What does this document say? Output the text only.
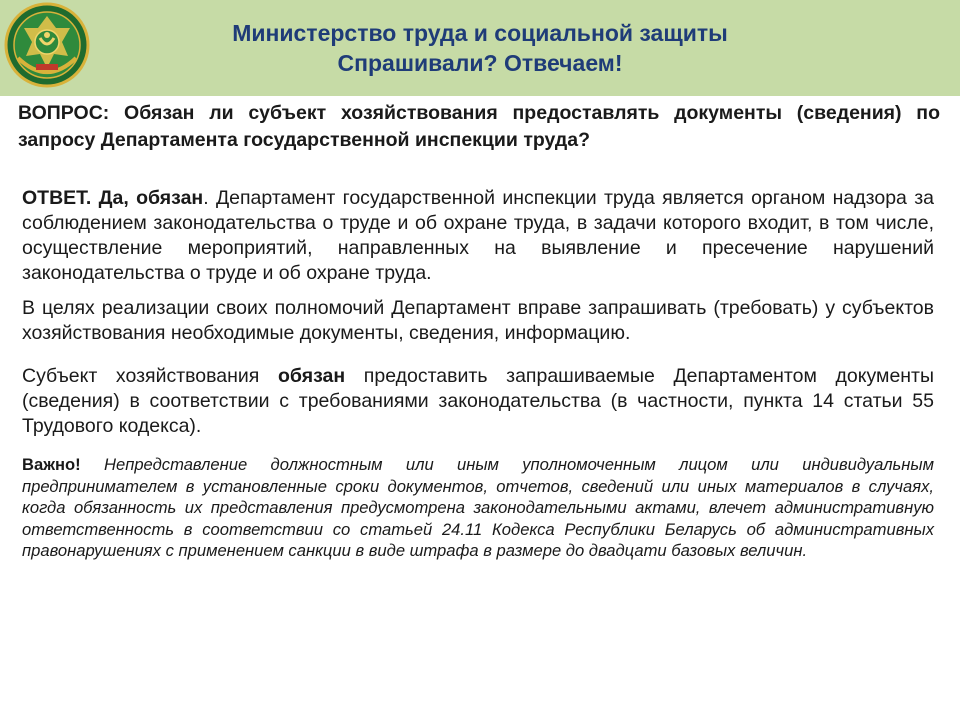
Министерство труда и социальной защиты
Спрашивали? Отвечаем!
ВОПРОС: Обязан ли субъект хозяйствования предоставлять документы (сведения) по запросу Департамента государственной инспекции труда?

ОТВЕТ. Да, обязан. Департамент государственной инспекции труда является органом надзора за соблюдением законодательства о труде и об охране труда, в задачи которого входит, в том числе, осуществление мероприятий, направленных на выявление и пресечение нарушений законодательства о труде и об охране труда.

В целях реализации своих полномочий Департамент вправе запрашивать (требовать) у субъектов хозяйствования необходимые документы, сведения, информацию.

Субъект хозяйствования обязан предоставить запрашиваемые Департаментом документы (сведения) в соответствии с требованиями законодательства (в частности, пункта 14 статьи 55 Трудового кодекса).

Важно! Непредставление должностным или иным уполномоченным лицом или индивидуальным предпринимателем в установленные сроки документов, отчетов, сведений или иных материалов в случаях, когда обязанность их представления предусмотрена законодательными актами, влечет административную ответственность в соответствии со статьей 24.11 Кодекса Республики Беларусь об административных правонарушениях с применением санкции в виде штрафа в размере до двадцати базовых величин.
